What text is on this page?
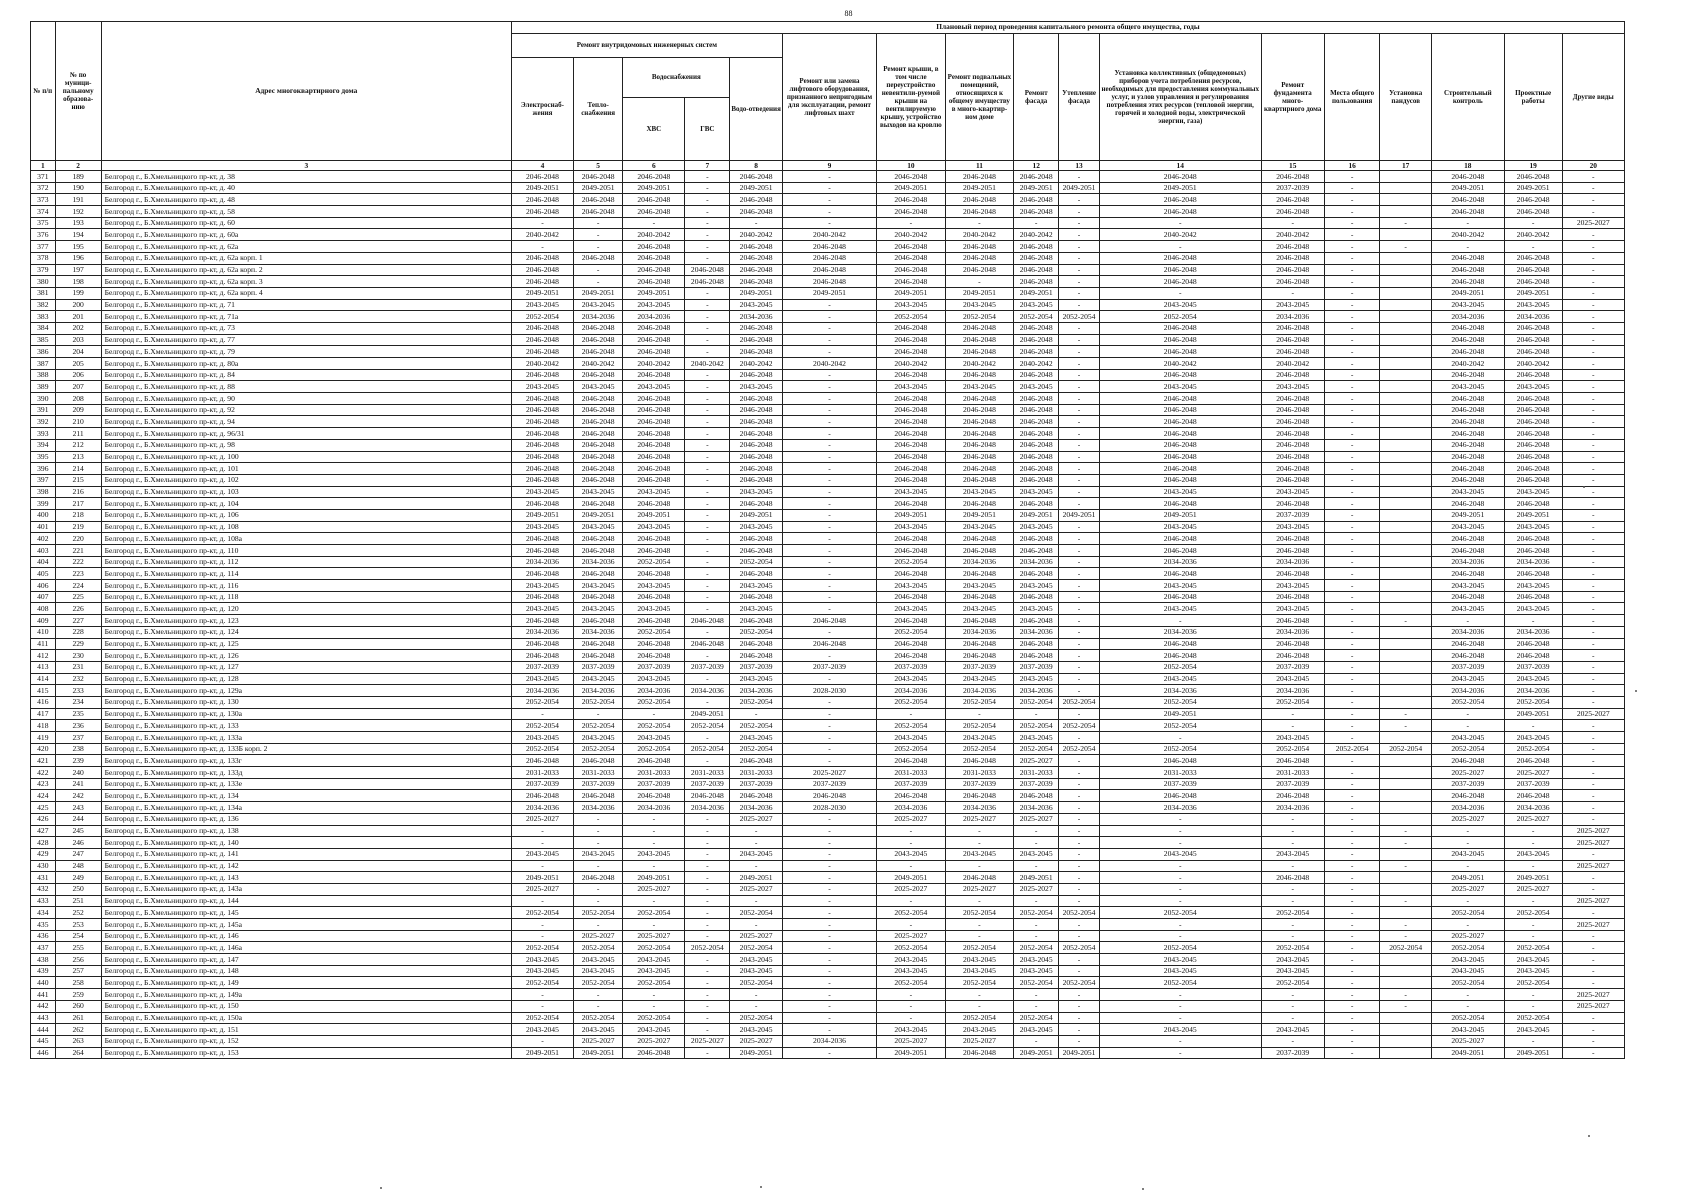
88
№ п/п	№ по муници-пальному образова-нию	Адрес многоквартирного дома	Плановый период проведения капитального ремонта общего имущества, годы																
			Ремонт внутридомовых инженерных систем					Ремонт или замена лифтового оборудования, признанного непригодным для эксплуатации, ремонт лифтовых шахт	Ремонт крыши, в том числе переустройство невентили-руемой крыши на вентилируемую крышу, устройство выходов на кровлю	Ремонт подвальных помещений, относящихся к общему имуществу в много-квартир-ном доме	Ремонт фасада	Утепление фасада	Установка коллективных (общедомовых) приборов учета потребления ресурсов, необходимых для предоставления коммунальных услуг, и узлов управления и регулирования потребления этих ресурсов (тепловой энергии, горячей и холодной воды, электрической энергии, газа)	Ремонт фундамента много-квартирного дома	Места общего пользования	Установка пандусов	Строительный контроль	Проектные работы	Другие виды
			Электроснаб-жения	Тепло-снабжения	Водоснабжения		Водо-отведения												
					ХВС	ГВС													
1	2	3	4	5	6	7	8	9	10	11	12	13	14	15	16	17	18	19	20
371	189	Белгород г., Б.Хмельницкого пр-кт, д. 38	2046-2048	2046-2048	2046-2048	-	2046-2048	-	2046-2048	2046-2048	2046-2048	-	2046-2048	2046-2048	-		2046-2048	2046-2048	-
372	190	Белгород г., Б.Хмельницкого пр-кт, д. 40	2049-2051	2049-2051	2049-2051	-	2049-2051	-	2049-2051	2049-2051	2049-2051	2049-2051	2049-2051	2037-2039	-		2049-2051	2049-2051	-
373	191	Белгород г., Б.Хмельницкого пр-кт, д. 48	2046-2048	2046-2048	2046-2048	-	2046-2048	-	2046-2048	2046-2048	2046-2048	-	2046-2048	2046-2048	-		2046-2048	2046-2048	-
374	192	Белгород г., Б.Хмельницкого пр-кт, д. 58	2046-2048	2046-2048	2046-2048	-	2046-2048	-	2046-2048	2046-2048	2046-2048	-	2046-2048	2046-2048	-		2046-2048	2046-2048	-
375	193	Белгород г., Б.Хмельницкого пр-кт, д. 60	-	-	-	-	-	-	-	-	-	-	-	-	-	-	-	-	2025-2027
376	194	Белгород г., Б.Хмельницкого пр-кт, д. 60а	2040-2042	-	2040-2042	-	2040-2042	2040-2042	2040-2042	2040-2042	2040-2042	-	2040-2042	2040-2042	-		2040-2042	2040-2042	-
377	195	Белгород г., Б.Хмельницкого пр-кт, д. 62а	-	-	2046-2048	-	2046-2048	2046-2048	2046-2048	2046-2048	2046-2048	-	-	2046-2048	-	-	-	-	-
378	196	Белгород г., Б.Хмельницкого пр-кт, д. 62а корп. 1	2046-2048	2046-2048	2046-2048	-	2046-2048	2046-2048	2046-2048	2046-2048	2046-2048	-	2046-2048	2046-2048	-		2046-2048	2046-2048	-
379	197	Белгород г., Б.Хмельницкого пр-кт, д. 62а корп. 2	2046-2048	-	2046-2048	2046-2048	2046-2048	2046-2048	2046-2048	2046-2048	2046-2048	-	2046-2048	2046-2048	-		2046-2048	2046-2048	-
380	198	Белгород г., Б.Хмельницкого пр-кт, д. 62а корп. 3	2046-2048	-	2046-2048	2046-2048	2046-2048	2046-2048	2046-2048	-	2046-2048	-	2046-2048	2046-2048	-		2046-2048	2046-2048	-
381	199	Белгород г., Б.Хмельницкого пр-кт, д. 62а корп. 4	2049-2051	2049-2051	2049-2051	-	2049-2051	2049-2051	2049-2051	2049-2051	2049-2051	-	-	-	-		2049-2051	2049-2051	-
382	200	Белгород г., Б.Хмельницкого пр-кт, д. 71	2043-2045	2043-2045	2043-2045	-	2043-2045	-	2043-2045	2043-2045	2043-2045	-	2043-2045	2043-2045	-		2043-2045	2043-2045	-
383	201	Белгород г., Б.Хмельницкого пр-кт, д. 71а	2052-2054	2034-2036	2034-2036	-	2034-2036	-	2052-2054	2052-2054	2052-2054	2052-2054	2052-2054	2034-2036	-		2034-2036	2034-2036	-
384	202	Белгород г., Б.Хмельницкого пр-кт, д. 73	2046-2048	2046-2048	2046-2048	-	2046-2048	-	2046-2048	2046-2048	2046-2048	-	2046-2048	2046-2048	-		2046-2048	2046-2048	-
385	203	Белгород г., Б.Хмельницкого пр-кт, д. 77	2046-2048	2046-2048	2046-2048	-	2046-2048	-	2046-2048	2046-2048	2046-2048	-	2046-2048	2046-2048	-		2046-2048	2046-2048	-
386	204	Белгород г., Б.Хмельницкого пр-кт, д. 79	2046-2048	2046-2048	2046-2048	-	2046-2048	-	2046-2048	2046-2048	2046-2048	-	2046-2048	2046-2048	-		2046-2048	2046-2048	-
387	205	Белгород г., Б.Хмельницкого пр-кт, д. 80а	2040-2042	2040-2042	2040-2042	2040-2042	2040-2042	2040-2042	2040-2042	2040-2042	2040-2042	-	2040-2042	2040-2042	-		2040-2042	2040-2042	-
388	206	Белгород г., Б.Хмельницкого пр-кт, д. 84	2046-2048	2046-2048	2046-2048	-	2046-2048	-	2046-2048	2046-2048	2046-2048	-	2046-2048	2046-2048	-		2046-2048	2046-2048	-
389	207	Белгород г., Б.Хмельницкого пр-кт, д. 88	2043-2045	2043-2045	2043-2045	-	2043-2045	-	2043-2045	2043-2045	2043-2045	-	2043-2045	2043-2045	-		2043-2045	2043-2045	-
390	208	Белгород г., Б.Хмельницкого пр-кт, д. 90	2046-2048	2046-2048	2046-2048	-	2046-2048	-	2046-2048	2046-2048	2046-2048	-	2046-2048	2046-2048	-		2046-2048	2046-2048	-
391	209	Белгород г., Б.Хмельницкого пр-кт, д. 92	2046-2048	2046-2048	2046-2048	-	2046-2048	-	2046-2048	2046-2048	2046-2048	-	2046-2048	2046-2048	-		2046-2048	2046-2048	-
392	210	Белгород г., Б.Хмельницкого пр-кт, д. 94	2046-2048	2046-2048	2046-2048	-	2046-2048	-	2046-2048	2046-2048	2046-2048	-	2046-2048	2046-2048	-		2046-2048	2046-2048	-
393	211	Белгород г., Б.Хмельницкого пр-кт, д. 96/31	2046-2048	2046-2048	2046-2048	-	2046-2048	-	2046-2048	2046-2048	2046-2048	-	2046-2048	2046-2048	-		2046-2048	2046-2048	-
394	212	Белгород г., Б.Хмельницкого пр-кт, д. 98	2046-2048	2046-2048	2046-2048	-	2046-2048	-	2046-2048	2046-2048	2046-2048	-	2046-2048	2046-2048	-		2046-2048	2046-2048	-
395	213	Белгород г., Б.Хмельницкого пр-кт, д. 100	2046-2048	2046-2048	2046-2048	-	2046-2048	-	2046-2048	2046-2048	2046-2048	-	2046-2048	2046-2048	-		2046-2048	2046-2048	-
396	214	Белгород г., Б.Хмельницкого пр-кт, д. 101	2046-2048	2046-2048	2046-2048	-	2046-2048	-	2046-2048	2046-2048	2046-2048	-	2046-2048	2046-2048	-		2046-2048	2046-2048	-
397	215	Белгород г., Б.Хмельницкого пр-кт, д. 102	2046-2048	2046-2048	2046-2048	-	2046-2048	-	2046-2048	2046-2048	2046-2048	-	2046-2048	2046-2048	-		2046-2048	2046-2048	-
398	216	Белгород г., Б.Хмельницкого пр-кт, д. 103	2043-2045	2043-2045	2043-2045	-	2043-2045	-	2043-2045	2043-2045	2043-2045	-	2043-2045	2043-2045	-		2043-2045	2043-2045	-
399	217	Белгород г., Б.Хмельницкого пр-кт, д. 104	2046-2048	2046-2048	2046-2048	-	2046-2048	-	2046-2048	2046-2048	2046-2048	-	2046-2048	2046-2048	-		2046-2048	2046-2048	-
400	218	Белгород г., Б.Хмельницкого пр-кт, д. 106	2049-2051	2049-2051	2049-2051	-	2049-2051	-	2049-2051	2049-2051	2049-2051	2049-2051	2049-2051	2037-2039	-		2049-2051	2049-2051	-
401	219	Белгород г., Б.Хмельницкого пр-кт, д. 108	2043-2045	2043-2045	2043-2045	-	2043-2045	-	2043-2045	2043-2045	2043-2045	-	2043-2045	2043-2045	-		2043-2045	2043-2045	-
402	220	Белгород г., Б.Хмельницкого пр-кт, д. 108а	2046-2048	2046-2048	2046-2048	-	2046-2048	-	2046-2048	2046-2048	2046-2048	-	2046-2048	2046-2048	-		2046-2048	2046-2048	-
403	221	Белгород г., Б.Хмельницкого пр-кт, д. 110	2046-2048	2046-2048	2046-2048	-	2046-2048	-	2046-2048	2046-2048	2046-2048	-	2046-2048	2046-2048	-		2046-2048	2046-2048	-
404	222	Белгород г., Б.Хмельницкого пр-кт, д. 112	2034-2036	2034-2036	2052-2054	-	2052-2054	-	2052-2054	2034-2036	2034-2036	-	2034-2036	2034-2036	-		2034-2036	2034-2036	-
405	223	Белгород г., Б.Хмельницкого пр-кт, д. 114	2046-2048	2046-2048	2046-2048	-	2046-2048	-	2046-2048	2046-2048	2046-2048	-	2046-2048	2046-2048	-		2046-2048	2046-2048	-
406	224	Белгород г., Б.Хмельницкого пр-кт, д. 116	2043-2045	2043-2045	2043-2045	-	2043-2045	-	2043-2045	2043-2045	2043-2045	-	2043-2045	2043-2045	-		2043-2045	2043-2045	-
407	225	Белгород г., Б.Хмельницкого пр-кт, д. 118	2046-2048	2046-2048	2046-2048	-	2046-2048	-	2046-2048	2046-2048	2046-2048	-	2046-2048	2046-2048	-		2046-2048	2046-2048	-
408	226	Белгород г., Б.Хмельницкого пр-кт, д. 120	2043-2045	2043-2045	2043-2045	-	2043-2045	-	2043-2045	2043-2045	2043-2045	-	2043-2045	2043-2045	-		2043-2045	2043-2045	-
409	227	Белгород г., Б.Хмельницкого пр-кт, д. 123	2046-2048	2046-2048	2046-2048	2046-2048	2046-2048	2046-2048	2046-2048	2046-2048	2046-2048	-	-	2046-2048	-	-	-	-	-
410	228	Белгород г., Б.Хмельницкого пр-кт, д. 124	2034-2036	2034-2036	2052-2054	-	2052-2054	-	2052-2054	2034-2036	2034-2036	-	2034-2036	2034-2036	-		2034-2036	2034-2036	-
411	229	Белгород г., Б.Хмельницкого пр-кт, д. 125	2046-2048	2046-2048	2046-2048	2046-2048	2046-2048	2046-2048	2046-2048	2046-2048	2046-2048	-	2046-2048	2046-2048	-		2046-2048	2046-2048	-
412	230	Белгород г., Б.Хмельницкого пр-кт, д. 126	2046-2048	2046-2048	2046-2048	-	2046-2048	-	2046-2048	2046-2048	2046-2048	-	2046-2048	2046-2048	-		2046-2048	2046-2048	-
413	231	Белгород г., Б.Хмельницкого пр-кт, д. 127	2037-2039	2037-2039	2037-2039	2037-2039	2037-2039	2037-2039	2037-2039	2037-2039	2037-2039	-	2052-2054	2037-2039	-		2037-2039	2037-2039	-
414	232	Белгород г., Б.Хмельницкого пр-кт, д. 128	2043-2045	2043-2045	2043-2045	-	2043-2045	-	2043-2045	2043-2045	2043-2045	-	2043-2045	2043-2045	-		2043-2045	2043-2045	-
415	233	Белгород г., Б.Хмельницкого пр-кт, д. 129а	2034-2036	2034-2036	2034-2036	2034-2036	2034-2036	2028-2030	2034-2036	2034-2036	2034-2036	-	2034-2036	2034-2036	-		2034-2036	2034-2036	-
416	234	Белгород г., Б.Хмельницкого пр-кт, д. 130	2052-2054	2052-2054	2052-2054	-	2052-2054	-	2052-2054	2052-2054	2052-2054	2052-2054	2052-2054	2052-2054	-		2052-2054	2052-2054	-
417	235	Белгород г., Б.Хмельницкого пр-кт, д. 130а	-	-	-	2049-2051	-	-	-	-	-	-	2049-2051	-	-	-	-	2049-2051	2025-2027
418	236	Белгород г., Б.Хмельницкого пр-кт, д. 133	2052-2054	2052-2054	2052-2054	2052-2054	2052-2054	-	2052-2054	2052-2054	2052-2054	2052-2054	2052-2054	-	-	-	-	-	-
419	237	Белгород г., Б.Хмельницкого пр-кт, д. 133а	2043-2045	2043-2045	2043-2045	-	2043-2045	-	2043-2045	2043-2045	2043-2045	-	-	2043-2045	-		2043-2045	2043-2045	-
420	238	Белгород г., Б.Хмельницкого пр-кт, д. 133Б корп. 2	2052-2054	2052-2054	2052-2054	2052-2054	2052-2054	-	2052-2054	2052-2054	2052-2054	2052-2054	2052-2054	2052-2054	2052-2054	2052-2054	2052-2054	2052-2054	-
421	239	Белгород г., Б.Хмельницкого пр-кт, д. 133г	2046-2048	2046-2048	2046-2048	-	2046-2048	-	2046-2048	2046-2048	2025-2027	-	2046-2048	2046-2048	-		2046-2048	2046-2048	-
422	240	Белгород г., Б.Хмельницкого пр-кт, д. 133д	2031-2033	2031-2033	2031-2033	2031-2033	2031-2033	2025-2027	2031-2033	2031-2033	2031-2033	-	2031-2033	2031-2033	-		2025-2027	2025-2027	-
423	241	Белгород г., Б.Хмельницкого пр-кт, д. 133е	2037-2039	2037-2039	2037-2039	2037-2039	2037-2039	2037-2039	2037-2039	2037-2039	2037-2039	-	2037-2039	2037-2039	-		2037-2039	2037-2039	-
424	242	Белгород г., Б.Хмельницкого пр-кт, д. 134	2046-2048	2046-2048	2046-2048	2046-2048	2046-2048	2046-2048	2046-2048	2046-2048	2046-2048	-	2046-2048	2046-2048	-		2046-2048	2046-2048	-
425	243	Белгород г., Б.Хмельницкого пр-кт, д. 134а	2034-2036	2034-2036	2034-2036	2034-2036	2034-2036	2028-2030	2034-2036	2034-2036	2034-2036	-	2034-2036	2034-2036	-		2034-2036	2034-2036	-
426	244	Белгород г., Б.Хмельницкого пр-кт, д. 136	2025-2027	-	-	-	2025-2027	-	2025-2027	2025-2027	2025-2027	-	-	-	-		2025-2027	2025-2027	-
427	245	Белгород г., Б.Хмельницкого пр-кт, д. 138	-	-	-	-	-	-	-	-	-	-	-	-	-	-	-	-	2025-2027
428	246	Белгород г., Б.Хмельницкого пр-кт, д. 140	-	-	-	-	-	-	-	-	-	-	-	-	-	-	-	-	2025-2027
429	247	Белгород г., Б.Хмельницкого пр-кт, д. 141	2043-2045	2043-2045	2043-2045	-	2043-2045	-	2043-2045	2043-2045	2043-2045	-	2043-2045	2043-2045	-		2043-2045	2043-2045	-
430	248	Белгород г., Б.Хмельницкого пр-кт, д. 142	-	-	-	-	-	-	-	-	-	-	-	-	-	-	-	-	2025-2027
431	249	Белгород г., Б.Хмельницкого пр-кт, д. 143	2049-2051	2046-2048	2049-2051	-	2049-2051	-	2049-2051	2046-2048	2049-2051	-	-	2046-2048	-		2049-2051	2049-2051	-
432	250	Белгород г., Б.Хмельницкого пр-кт, д. 143а	2025-2027	-	2025-2027	-	2025-2027	-	2025-2027	2025-2027	2025-2027	-	-	-	-		2025-2027	2025-2027	-
433	251	Белгород г., Б.Хмельницкого пр-кт, д. 144	-	-	-	-	-	-	-	-	-	-	-	-	-	-	-	-	2025-2027
434	252	Белгород г., Б.Хмельницкого пр-кт, д. 145	2052-2054	2052-2054	2052-2054	-	2052-2054	-	2052-2054	2052-2054	2052-2054	2052-2054	2052-2054	2052-2054	-		2052-2054	2052-2054	-
435	253	Белгород г., Б.Хмельницкого пр-кт, д. 145а	-	-	-	-	-	-	-	-	-	-	-	-	-	-	-	-	2025-2027
436	254	Белгород г., Б.Хмельницкого пр-кт, д. 146	-	2025-2027	2025-2027	-	2025-2027	-	2025-2027	-	-	-	-	-	-	-	2025-2027	-	-
437	255	Белгород г., Б.Хмельницкого пр-кт, д. 146а	2052-2054	2052-2054	2052-2054	2052-2054	2052-2054	-	2052-2054	2052-2054	2052-2054	2052-2054	2052-2054	2052-2054	-	2052-2054	2052-2054	2052-2054	-
438	256	Белгород г., Б.Хмельницкого пр-кт, д. 147	2043-2045	2043-2045	2043-2045	-	2043-2045	-	2043-2045	2043-2045	2043-2045	-	2043-2045	2043-2045	-		2043-2045	2043-2045	-
439	257	Белгород г., Б.Хмельницкого пр-кт, д. 148	2043-2045	2043-2045	2043-2045	-	2043-2045	-	2043-2045	2043-2045	2043-2045	-	2043-2045	2043-2045	-		2043-2045	2043-2045	-
440	258	Белгород г., Б.Хмельницкого пр-кт, д. 149	2052-2054	2052-2054	2052-2054	-	2052-2054	-	2052-2054	2052-2054	2052-2054	2052-2054	2052-2054	2052-2054	-		2052-2054	2052-2054	-
441	259	Белгород г., Б.Хмельницкого пр-кт, д. 149а	-	-	-	-	-	-	-	-	-	-	-	-	-	-	-	-	2025-2027
442	260	Белгород г., Б.Хмельницкого пр-кт, д. 150	-	-	-	-	-	-	-	-	-	-	-	-	-	-	-	-	2025-2027
443	261	Белгород г., Б.Хмельницкого пр-кт, д. 150а	2052-2054	2052-2054	2052-2054	-	2052-2054	-	-	2052-2054	2052-2054	-	-	-	-		2052-2054	2052-2054	-
444	262	Белгород г., Б.Хмельницкого пр-кт, д. 151	2043-2045	2043-2045	2043-2045	-	2043-2045	-	2043-2045	2043-2045	2043-2045	-	2043-2045	2043-2045	-		2043-2045	2043-2045	-
445	263	Белгород г., Б.Хмельницкого пр-кт, д. 152	-	2025-2027	2025-2027	2025-2027	2025-2027	2034-2036	2025-2027	2025-2027	-	-	-	-	-		2025-2027	-	-
446	264	Белгород г., Б.Хмельницкого пр-кт, д. 153	2049-2051	2049-2051	2046-2048	-	2049-2051	-	2049-2051	2046-2048	2049-2051	2049-2051	-	2037-2039	-		2049-2051	2049-2051	-
